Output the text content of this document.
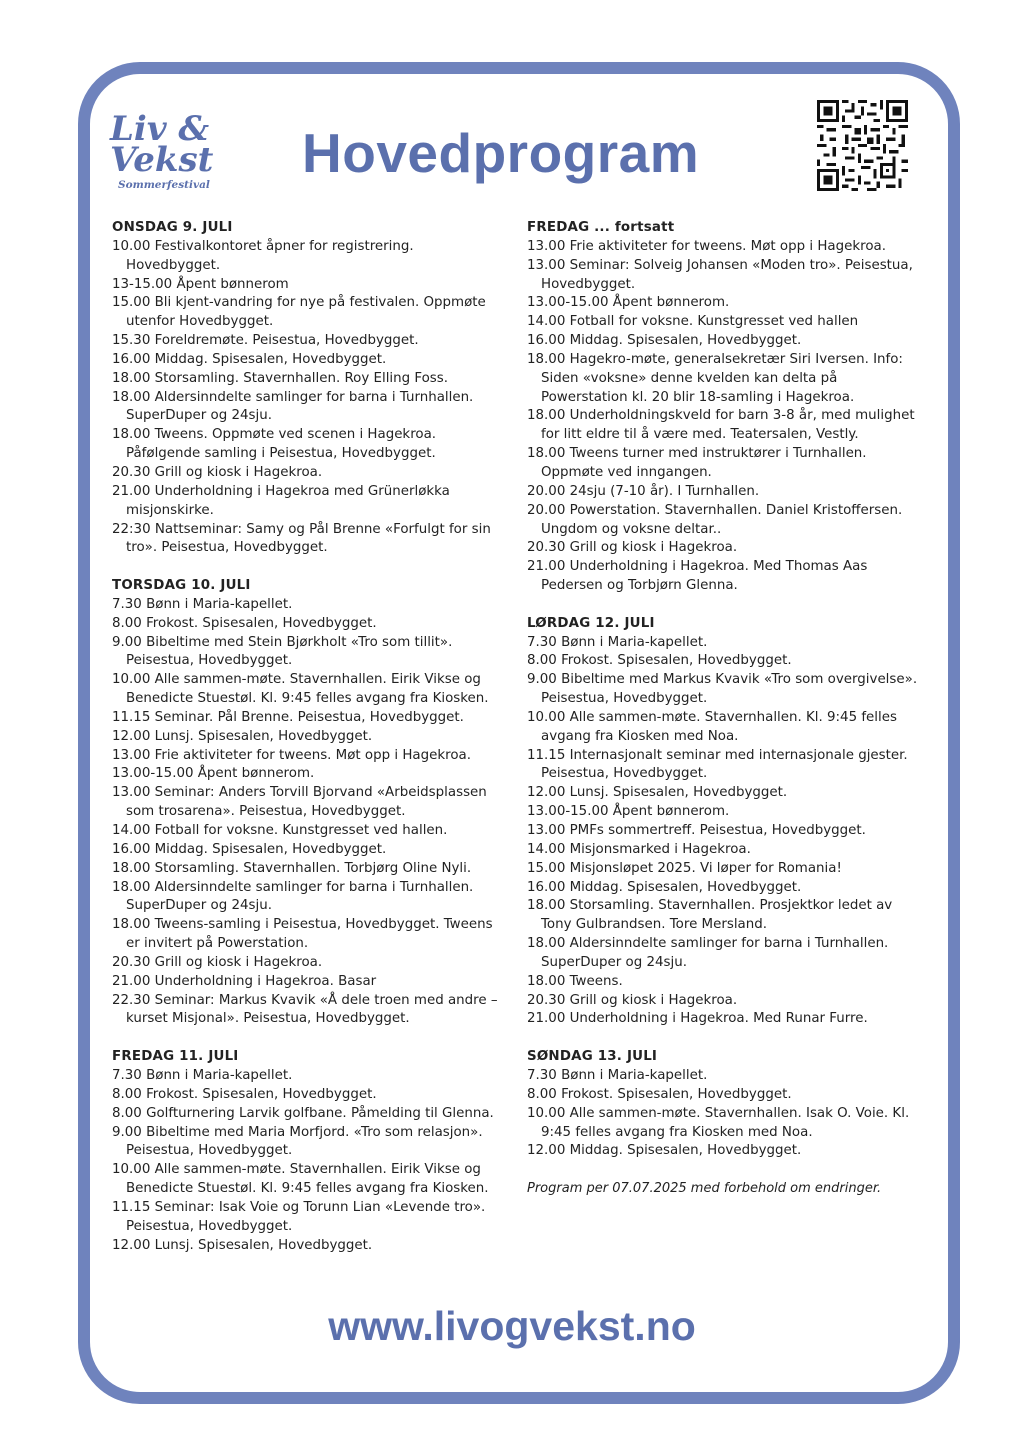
Liv &
Vekst
Sommerfestival
Hovedprogram
ONSDAG 9. JULI
10.00 Festivalkontoret åpner for registrering. Hovedbygget.
13-15.00 Åpent bønnerom
15.00 Bli kjent-vandring for nye på festivalen. Oppmøte utenfor Hovedbygget.
15.30 Foreldremøte. Peisestua, Hovedbygget.
16.00 Middag. Spisesalen, Hovedbygget.
18.00 Storsamling. Stavernhallen. Roy Elling Foss.
18.00 Aldersinndelte samlinger for barna i Turnhallen. SuperDuper og 24sju.
18.00 Tweens. Oppmøte ved scenen i Hagekroa. Påfølgende samling i Peisestua, Hovedbygget.
20.30 Grill og kiosk i Hagekroa.
21.00 Underholdning i Hagekroa med Grünerløkka misjonskirke.
22:30 Nattseminar: Samy og Pål Brenne «Forfulgt for sin tro». Peisestua, Hovedbygget.
TORSDAG 10. JULI
7.30 Bønn i Maria-kapellet.
8.00 Frokost. Spisesalen, Hovedbygget.
9.00 Bibeltime med Stein Bjørkholt «Tro som tillit». Peisestua, Hovedbygget.
10.00 Alle sammen-møte. Stavernhallen. Eirik Vikse og Benedicte Stuestøl. Kl. 9:45 felles avgang fra Kiosken.
11.15 Seminar. Pål Brenne. Peisestua, Hovedbygget.
12.00 Lunsj. Spisesalen, Hovedbygget.
13.00 Frie aktiviteter for tweens. Møt opp i Hagekroa.
13.00-15.00 Åpent bønnerom.
13.00 Seminar: Anders Torvill Bjorvand «Arbeidsplassen som trosarena». Peisestua, Hovedbygget.
14.00 Fotball for voksne. Kunstgresset ved hallen.
16.00 Middag. Spisesalen, Hovedbygget.
18.00 Storsamling. Stavernhallen. Torbjørg Oline Nyli.
18.00 Aldersinndelte samlinger for barna i Turnhallen. SuperDuper og 24sju.
18.00 Tweens-samling i Peisestua, Hovedbygget. Tweens er invitert på Powerstation.
20.30 Grill og kiosk i Hagekroa.
21.00 Underholdning i Hagekroa. Basar
22.30 Seminar: Markus Kvavik «Å dele troen med andre – kurset Misjonal». Peisestua, Hovedbygget.
FREDAG 11. JULI
7.30 Bønn i Maria-kapellet.
8.00 Frokost. Spisesalen, Hovedbygget.
8.00 Golfturnering Larvik golfbane. Påmelding til Glenna.
9.00 Bibeltime med Maria Morfjord. «Tro som relasjon». Peisestua, Hovedbygget.
10.00 Alle sammen-møte. Stavernhallen. Eirik Vikse og Benedicte Stuestøl. Kl. 9:45 felles avgang fra Kiosken.
11.15 Seminar: Isak Voie og Torunn Lian «Levende tro». Peisestua, Hovedbygget.
12.00 Lunsj. Spisesalen, Hovedbygget.
FREDAG ... fortsatt
13.00 Frie aktiviteter for tweens. Møt opp i Hagekroa.
13.00 Seminar: Solveig Johansen «Moden tro». Peisestua, Hovedbygget.
13.00-15.00 Åpent bønnerom.
14.00 Fotball for voksne. Kunstgresset ved hallen
16.00 Middag. Spisesalen, Hovedbygget.
18.00 Hagekro-møte, generalsekretær Siri Iversen. Info: Siden «voksne» denne kvelden kan delta på Powerstation kl. 20 blir 18-samling i Hagekroa.
18.00 Underholdningskveld for barn 3-8 år, med mulighet for litt eldre til å være med. Teatersalen, Vestly.
18.00 Tweens turner med instruktører i Turnhallen. Oppmøte ved inngangen.
20.00 24sju (7-10 år). I Turnhallen.
20.00 Powerstation. Stavernhallen. Daniel Kristoffersen. Ungdom og voksne deltar..
20.30 Grill og kiosk i Hagekroa.
21.00 Underholdning i Hagekroa. Med Thomas Aas Pedersen og Torbjørn Glenna.
LØRDAG 12. JULI
7.30 Bønn i Maria-kapellet.
8.00 Frokost. Spisesalen, Hovedbygget.
9.00 Bibeltime med Markus Kvavik «Tro som overgivelse». Peisestua, Hovedbygget.
10.00 Alle sammen-møte. Stavernhallen. Kl. 9:45 felles avgang fra Kiosken med Noa.
11.15 Internasjonalt seminar med internasjonale gjester. Peisestua, Hovedbygget.
12.00 Lunsj. Spisesalen, Hovedbygget.
13.00-15.00 Åpent bønnerom.
13.00 PMFs sommertreff. Peisestua, Hovedbygget.
14.00 Misjonsmarked i Hagekroa.
15.00 Misjonsløpet 2025. Vi løper for Romania!
16.00 Middag. Spisesalen, Hovedbygget.
18.00 Storsamling. Stavernhallen. Prosjektkor ledet av Tony Gulbrandsen. Tore Mersland.
18.00 Aldersinndelte samlinger for barna i Turnhallen. SuperDuper og 24sju.
18.00 Tweens.
20.30 Grill og kiosk i Hagekroa.
21.00 Underholdning i Hagekroa. Med Runar Furre.
SØNDAG 13. JULI
7.30 Bønn i Maria-kapellet.
8.00 Frokost. Spisesalen, Hovedbygget.
10.00 Alle sammen-møte. Stavernhallen. Isak O. Voie. Kl. 9:45 felles avgang fra Kiosken med Noa.
12.00 Middag. Spisesalen, Hovedbygget.
Program per 07.07.2025 med forbehold om endringer.
www.livogvekst.no
